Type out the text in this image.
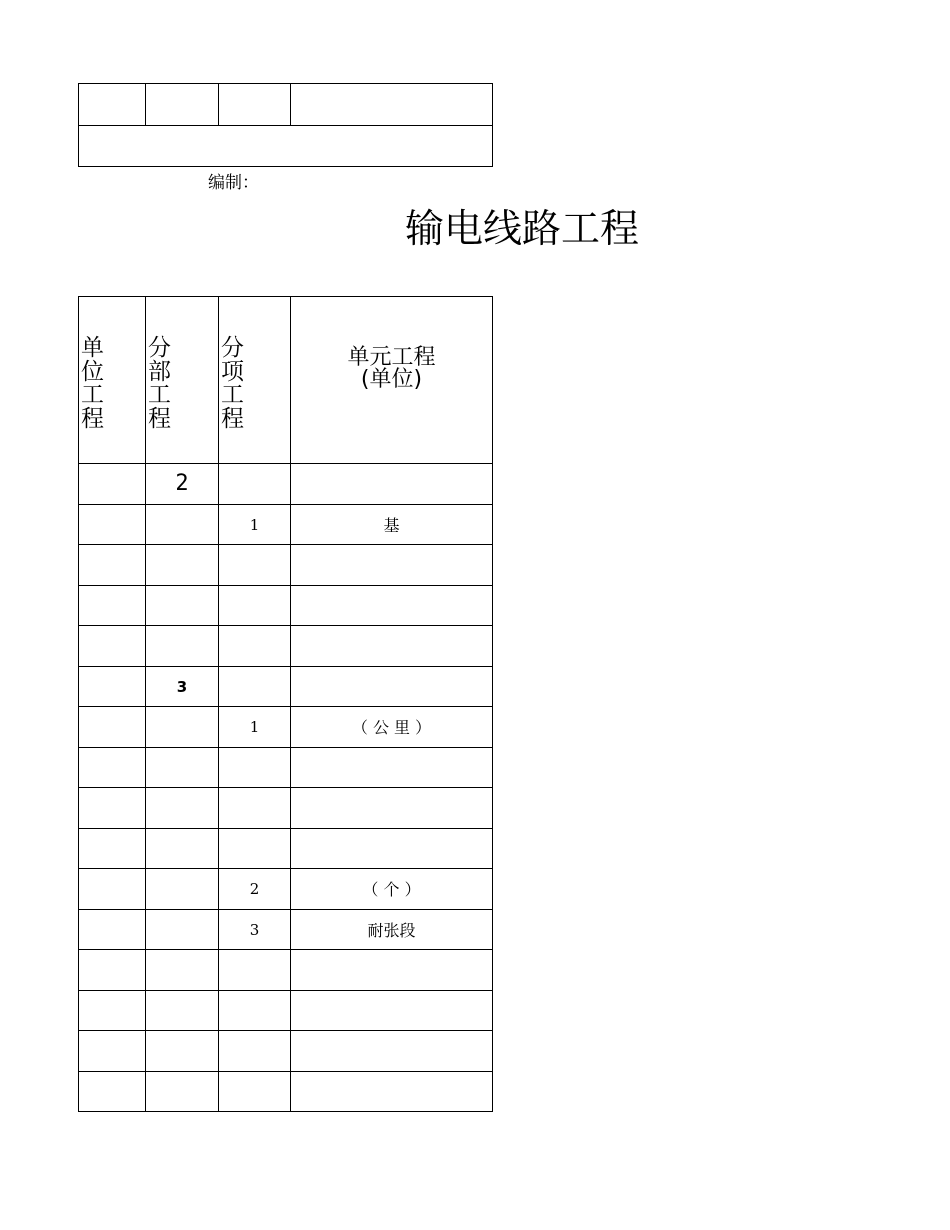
编制：
输电线路工程
单位工程	分部工程	分项工程	单元工程
(单位)

	2		
		1	基

	3		
		1	（ 公 里 ）

		2	（ 个 ）
		3	耐张段
